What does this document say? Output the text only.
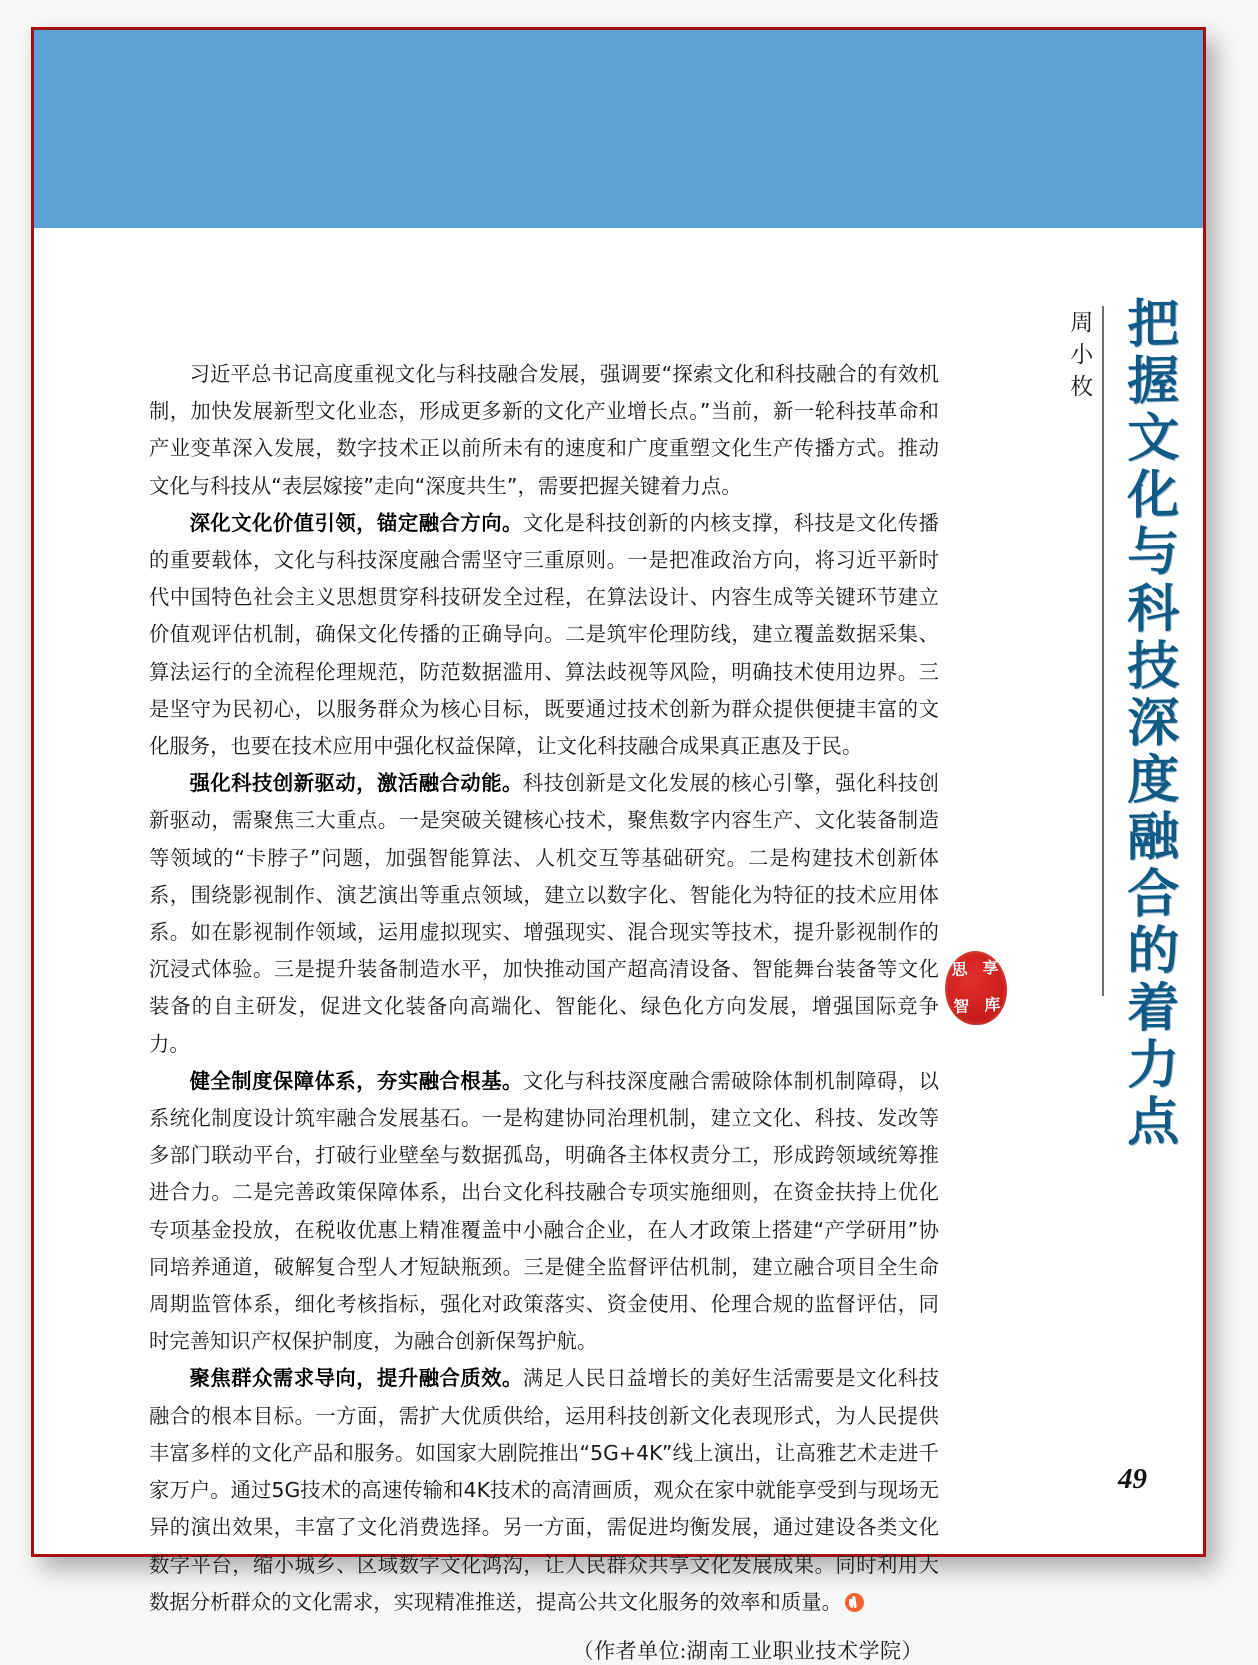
周小枚 把握文化与科技深度融合的着力点
思 享
智 库

习近平总书记高度重视文化与科技融合发展，强调要“探索文化和科技融合的有效机制，加快发展新型文化业态，形成更多新的文化产业增长点。”当前，新一轮科技革命和产业变革深入发展，数字技术正以前所未有的速度和广度重塑文化生产传播方式。推动文化与科技从“表层嫁接”走向“深度共生”，需要把握关键着力点。

深化文化价值引领，锚定融合方向。文化是科技创新的内核支撑，科技是文化传播的重要载体，文化与科技深度融合需坚守三重原则。一是把准政治方向，将习近平新时代中国特色社会主义思想贯穿科技研发全过程，在算法设计、内容生成等关键环节建立价值观评估机制，确保文化传播的正确导向。二是筑牢伦理防线，建立覆盖数据采集、算法运行的全流程伦理规范，防范数据滥用、算法歧视等风险，明确技术使用边界。三是坚守为民初心，以服务群众为核心目标，既要通过技术创新为群众提供便捷丰富的文化服务，也要在技术应用中强化权益保障，让文化科技融合成果真正惠及于民。

强化科技创新驱动，激活融合动能。科技创新是文化发展的核心引擎，强化科技创新驱动，需聚焦三大重点。一是突破关键核心技术，聚焦数字内容生产、文化装备制造等领域的“卡脖子”问题，加强智能算法、人机交互等基础研究。二是构建技术创新体系，围绕影视制作、演艺演出等重点领域，建立以数字化、智能化为特征的技术应用体系。如在影视制作领域，运用虚拟现实、增强现实、混合现实等技术，提升影视制作的沉浸式体验。三是提升装备制造水平，加快推动国产超高清设备、智能舞台装备等文化装备的自主研发，促进文化装备向高端化、智能化、绿色化方向发展，增强国际竞争力。

健全制度保障体系，夯实融合根基。文化与科技深度融合需破除体制机制障碍，以系统化制度设计筑牢融合发展基石。一是构建协同治理机制，建立文化、科技、发改等多部门联动平台，打破行业壁垒与数据孤岛，明确各主体权责分工，形成跨领域统筹推进合力。二是完善政策保障体系，出台文化科技融合专项实施细则，在资金扶持上优化专项基金投放，在税收优惠上精准覆盖中小融合企业，在人才政策上搭建“产学研用”协同培养通道，破解复合型人才短缺瓶颈。三是健全监督评估机制，建立融合项目全生命周期监管体系，细化考核指标，强化对政策落实、资金使用、伦理合规的监督评估，同时完善知识产权保护制度，为融合创新保驾护航。

聚焦群众需求导向，提升融合质效。满足人民日益增长的美好生活需要是文化科技融合的根本目标。一方面，需扩大优质供给，运用科技创新文化表现形式，为人民提供丰富多样的文化产品和服务。如国家大剧院推出“5G+4K”线上演出，让高雅艺术走进千家万户。通过5G技术的高速传输和4K技术的高清画质，观众在家中就能享受到与现场无异的演出效果，丰富了文化消费选择。另一方面，需促进均衡发展，通过建设各类文化数字平台，缩小城乡、区域数字文化鸿沟，让人民群众共享文化发展成果。同时利用大数据分析群众的文化需求，实现精准推送，提高公共文化服务的效率和质量。

（作者单位:湖南工业职业技术学院）
49
